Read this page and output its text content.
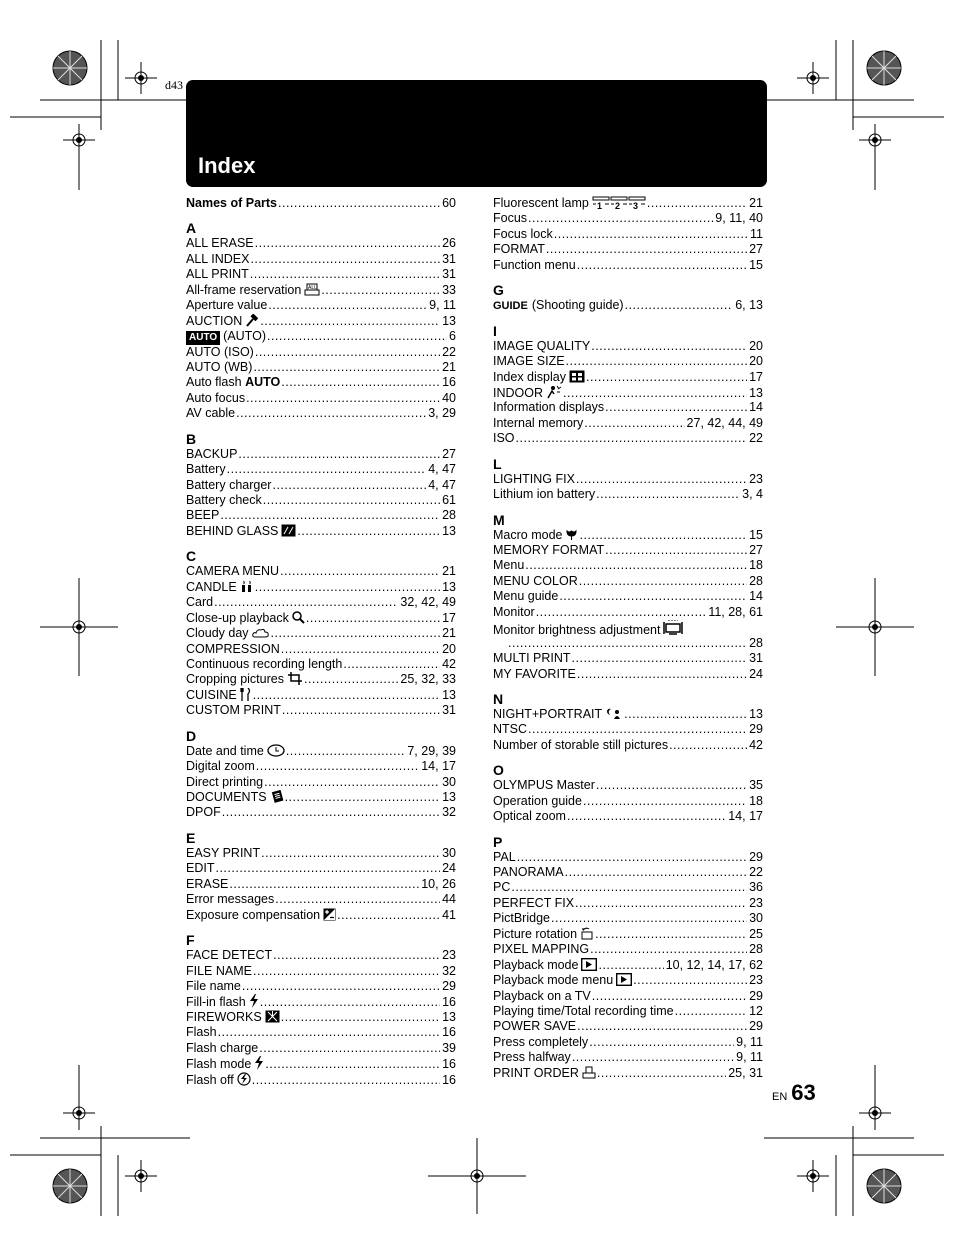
d43
Index
Names of Parts .....	60
A
ALL ERASE .....	26
ALL INDEX .....	31
ALL PRINT .....	31
All-frame reservation ALL .....	33
Aperture value .....	9, 11
AUCTION .....	13
AUTO (AUTO) .....	6
AUTO (ISO) .....	22
AUTO (WB) .....	21
Auto flash AUTO .....	16
Auto focus .....	40
AV cable .....	3, 29
B
BACKUP .....	27
Battery .....	4, 47
Battery charger .....	4, 47
Battery check .....	61
BEEP .....	28
BEHIND GLASS .....	13
C
CAMERA MENU .....	21
CANDLE .....	13
Card .....	32, 42, 49
Close-up playback .....	17
Cloudy day .....	21
COMPRESSION .....	20
Continuous recording length .....	42
Cropping pictures .....	25, 32, 33
CUISINE .....	13
CUSTOM PRINT .....	31
D
Date and time .....	7, 29, 39
Digital zoom .....	14, 17
Direct printing .....	30
DOCUMENTS .....	13
DPOF .....	32
E
EASY PRINT .....	30
EDIT .....	24
ERASE .....	10, 26
Error messages .....	44
Exposure compensation .....	41
F
FACE DETECT .....	23
FILE NAME .....	32
File name .....	29
Fill-in flash .....	16
FIREWORKS .....	13
Flash .....	16
Flash charge .....	39
Flash mode .....	16
Flash off .....	16
Fluorescent lamp 1 2 3 .....	21
Focus .....	9, 11, 40
Focus lock .....	11
FORMAT .....	27
Function menu .....	15
G
GUIDE (Shooting guide) .....	6, 13
I
IMAGE QUALITY .....	20
IMAGE SIZE .....	20
Index display .....	17
INDOOR .....	13
Information displays .....	14
Internal memory .....	27, 42, 44, 49
ISO .....	22
L
LIGHTING FIX .....	23
Lithium ion battery .....	3, 4
M
Macro mode .....	15
MEMORY FORMAT .....	27
Menu .....	18
MENU COLOR .....	28
Menu guide .....	14
Monitor .....	11, 28, 61
Monitor brightness adjustment
.....
28
MULTI PRINT .....	31
MY FAVORITE .....	24
N
NIGHT+PORTRAIT .....	13
NTSC .....	29
Number of storable still pictures .....	42
O
OLYMPUS Master .....	35
Operation guide .....	18
Optical zoom .....	14, 17
P
PAL .....	29
PANORAMA .....	22
PC .....	36
PERFECT FIX .....	23
PictBridge .....	30
Picture rotation .....	25
PIXEL MAPPING .....	28
Playback mode .....	10, 12, 14, 17, 62
Playback mode menu .....	23
Playback on a TV .....	29
Playing time/Total recording time .....	12
POWER SAVE .....	29
Press completely .....	9, 11
Press halfway .....	9, 11
PRINT ORDER .....	25, 31
EN 63
